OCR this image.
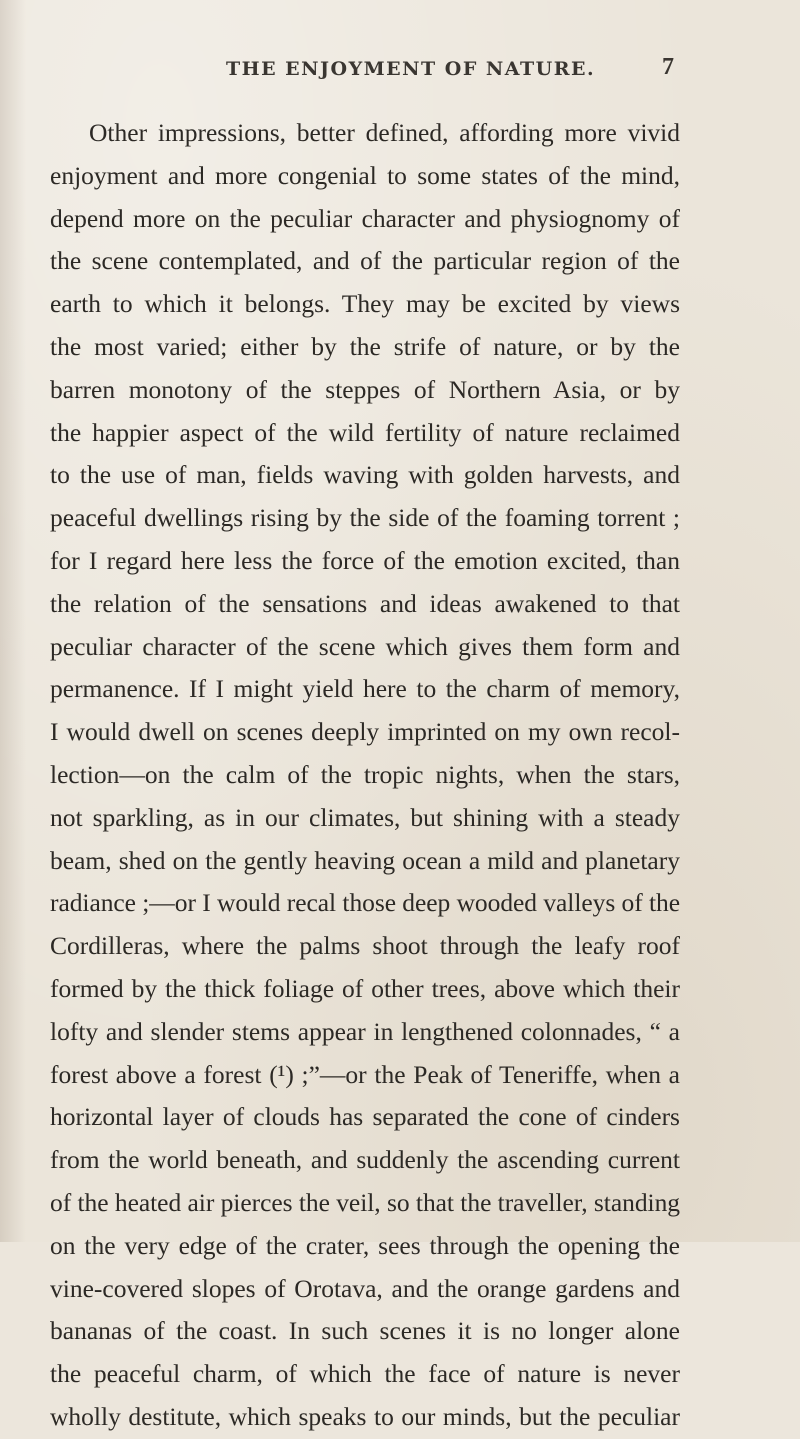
THE ENJOYMENT OF NATURE.	7
Other impressions, better defined, affording more vivid
enjoyment and more congenial to some states of the mind,
depend more on the peculiar character and physiognomy of
the scene contemplated, and of the particular region of the
earth to which it belongs. They may be excited by views
the most varied; either by the strife of nature, or by the
barren monotony of the steppes of Northern Asia, or by
the happier aspect of the wild fertility of nature reclaimed
to the use of man, fields waving with golden harvests, and
peaceful dwellings rising by the side of the foaming torrent ;
for I regard here less the force of the emotion excited, than
the relation of the sensations and ideas awakened to that
peculiar character of the scene which gives them form and
permanence. If I might yield here to the charm of memory,
I would dwell on scenes deeply imprinted on my own recol-
lection—on the calm of the tropic nights, when the stars,
not sparkling, as in our climates, but shining with a steady
beam, shed on the gently heaving ocean a mild and planetary
radiance ;—or I would recal those deep wooded valleys of the
Cordilleras, where the palms shoot through the leafy roof
formed by the thick foliage of other trees, above which their
lofty and slender stems appear in lengthened colonnades, “ a
forest above a forest (¹) ;”—or the Peak of Teneriffe, when a
horizontal layer of clouds has separated the cone of cinders
from the world beneath, and suddenly the ascending current
of the heated air pierces the veil, so that the traveller, standing
on the very edge of the crater, sees through the opening the
vine-covered slopes of Orotava, and the orange gardens and
bananas of the coast. In such scenes it is no longer alone
the peaceful charm, of which the face of nature is never
wholly destitute, which speaks to our minds, but the peculiar
